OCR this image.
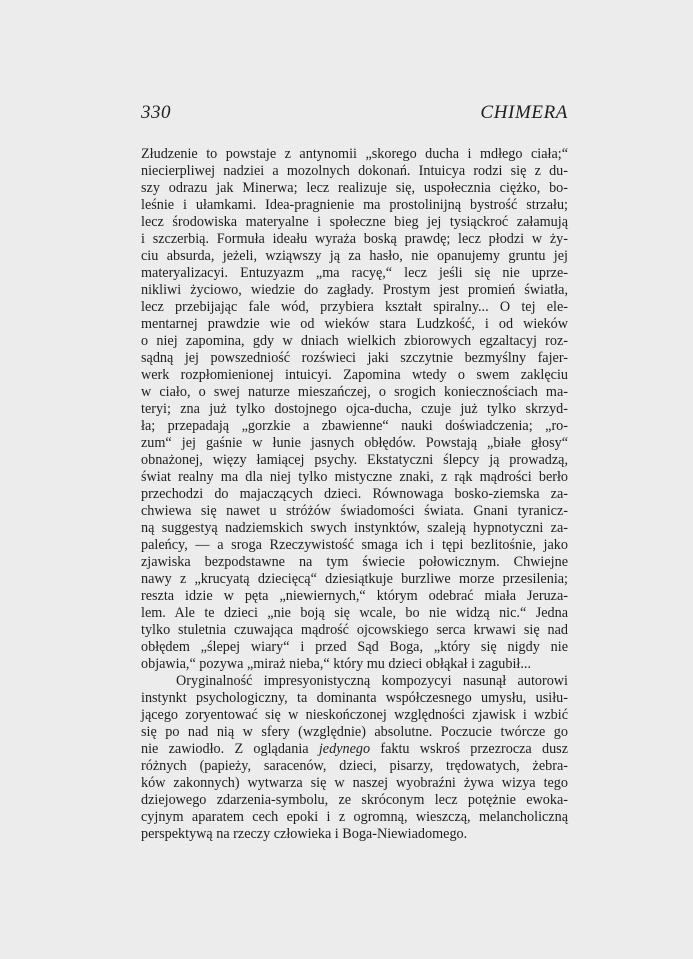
330	CHIMERA
Złudzenie to powstaje z antynomii „skorego ducha i mdłego ciała;“
niecierpliwej nadziei a mozolnych dokonań. Intuicya rodzi się z du-
szy odrazu jak Minerwa; lecz realizuje się, uspołecznia ciężko, bo-
leśnie i ułamkami. Idea-pragnienie ma prostolinijną bystrość strzału;
lecz środowiska materyalne i społeczne bieg jej tysiąckroć załamują
i szczerbią. Formuła ideału wyraża boską prawdę; lecz płodzi w ży-
ciu absurda, jeżeli, wziąwszy ją za hasło, nie opanujemy gruntu jej
materyalizacyi. Entuzyazm „ma racyę,“ lecz jeśli się nie uprze-
nikliwi życiowo, wiedzie do zagłady. Prostym jest promień światła,
lecz przebijając fale wód, przybiera kształt spiralny... O tej ele-
mentarnej prawdzie wie od wieków stara Ludzkość, i od wieków
o niej zapomina, gdy w dniach wielkich zbiorowych egzaltacyj roz-
sądną jej powszedniość rozświeci jaki szczytnie bezmyślny fajer-
werk rozpłomienionej intuicyi. Zapomina wtedy o swem zaklęciu
w ciało, o swej naturze mieszańczej, o srogich koniecznościach ma-
teryi; zna już tylko dostojnego ojca-ducha, czuje już tylko skrzyd-
ła; przepadają „gorzkie a zbawienne“ nauki doświadczenia; „ro-
zum“ jej gaśnie w łunie jasnych obłędów. Powstają „białe głosy“
obnażonej, więzy łamiącej psychy. Ekstatyczni ślepcy ją prowadzą,
świat realny ma dla niej tylko mistyczne znaki, z rąk mądrości berło
przechodzi do majaczących dzieci. Równowaga bosko-ziemska za-
chwiewa się nawet u stróżów świadomości świata. Gnani tyranicz-
ną suggestyą nadziemskich swych instynktów, szaleją hypnotyczni za-
paleńcy, — a sroga Rzeczywistość smaga ich i tępi bezlitośnie, jako
zjawiska bezpodstawne na tym świecie połowicznym. Chwiejne
nawy z „krucyatą dziecięcą“ dziesiątkuje burzliwe morze przesilenia;
reszta idzie w pęta „niewiernych,“ którym odebrać miała Jeruza-
lem. Ale te dzieci „nie boją się wcale, bo nie widzą nic.“ Jedna
tylko stuletnia czuwająca mądrość ojcowskiego serca krwawi się nad
obłędem „ślepej wiary“ i przed Sąd Boga, „który się nigdy nie
objawia,“ pozywa „miraż nieba,“ który mu dzieci obłąkał i zagubił...
Oryginalność impresyonistyczną kompozycyi nasunął autorowi
instynkt psychologiczny, ta dominanta współczesnego umysłu, usiłu-
jącego zoryentować się w nieskończonej względności zjawisk i wzbić
się po nad nią w sfery (względnie) absolutne. Poczucie twórcze go
nie zawiodło. Z oglądania jedynego faktu wskroś przezrocza dusz
różnych (papieży, saracenów, dzieci, pisarzy, trędowatych, żebra-
ków zakonnych) wytwarza się w naszej wyobraźni żywa wizya tego
dziejowego zdarzenia-symbolu, ze skróconym lecz potężnie ewoka-
cyjnym aparatem cech epoki i z ogromną, wieszczą, melancholiczną
perspektywą na rzeczy człowieka i Boga-Niewiadomego.
